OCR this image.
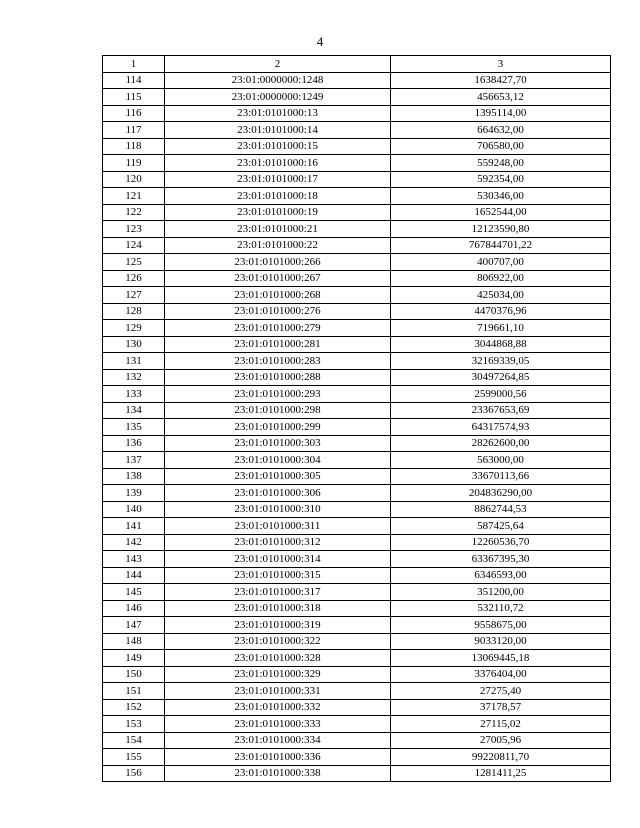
4
1	2	3
114	23:01:0000000:1248	1638427,70
115	23:01:0000000:1249	456653,12
116	23:01:0101000:13	1395114,00
117	23:01:0101000:14	664632,00
118	23:01:0101000:15	706580,00
119	23:01:0101000:16	559248,00
120	23:01:0101000:17	592354,00
121	23:01:0101000:18	530346,00
122	23:01:0101000:19	1652544,00
123	23:01:0101000:21	12123590,80
124	23:01:0101000:22	767844701,22
125	23:01:0101000:266	400707,00
126	23:01:0101000:267	806922,00
127	23:01:0101000:268	425034,00
128	23:01:0101000:276	4470376,96
129	23:01:0101000:279	719661,10
130	23:01:0101000:281	3044868,88
131	23:01:0101000:283	32169339,05
132	23:01:0101000:288	30497264,85
133	23:01:0101000:293	2599000,56
134	23:01:0101000:298	23367653,69
135	23:01:0101000:299	64317574,93
136	23:01:0101000:303	28262600,00
137	23:01:0101000:304	563000,00
138	23:01:0101000:305	33670113,66
139	23:01:0101000:306	204836290,00
140	23:01:0101000:310	8862744,53
141	23:01:0101000:311	587425,64
142	23:01:0101000:312	12260536,70
143	23:01:0101000:314	63367395,30
144	23:01:0101000:315	6346593,00
145	23:01:0101000:317	351200,00
146	23:01:0101000:318	532110,72
147	23:01:0101000:319	9558675,00
148	23:01:0101000:322	9033120,00
149	23:01:0101000:328	13069445,18
150	23:01:0101000:329	3376404,00
151	23:01:0101000:331	27275,40
152	23:01:0101000:332	37178,57
153	23:01:0101000:333	27115,02
154	23:01:0101000:334	27005,96
155	23:01:0101000:336	99220811,70
156	23:01:0101000:338	1281411,25
